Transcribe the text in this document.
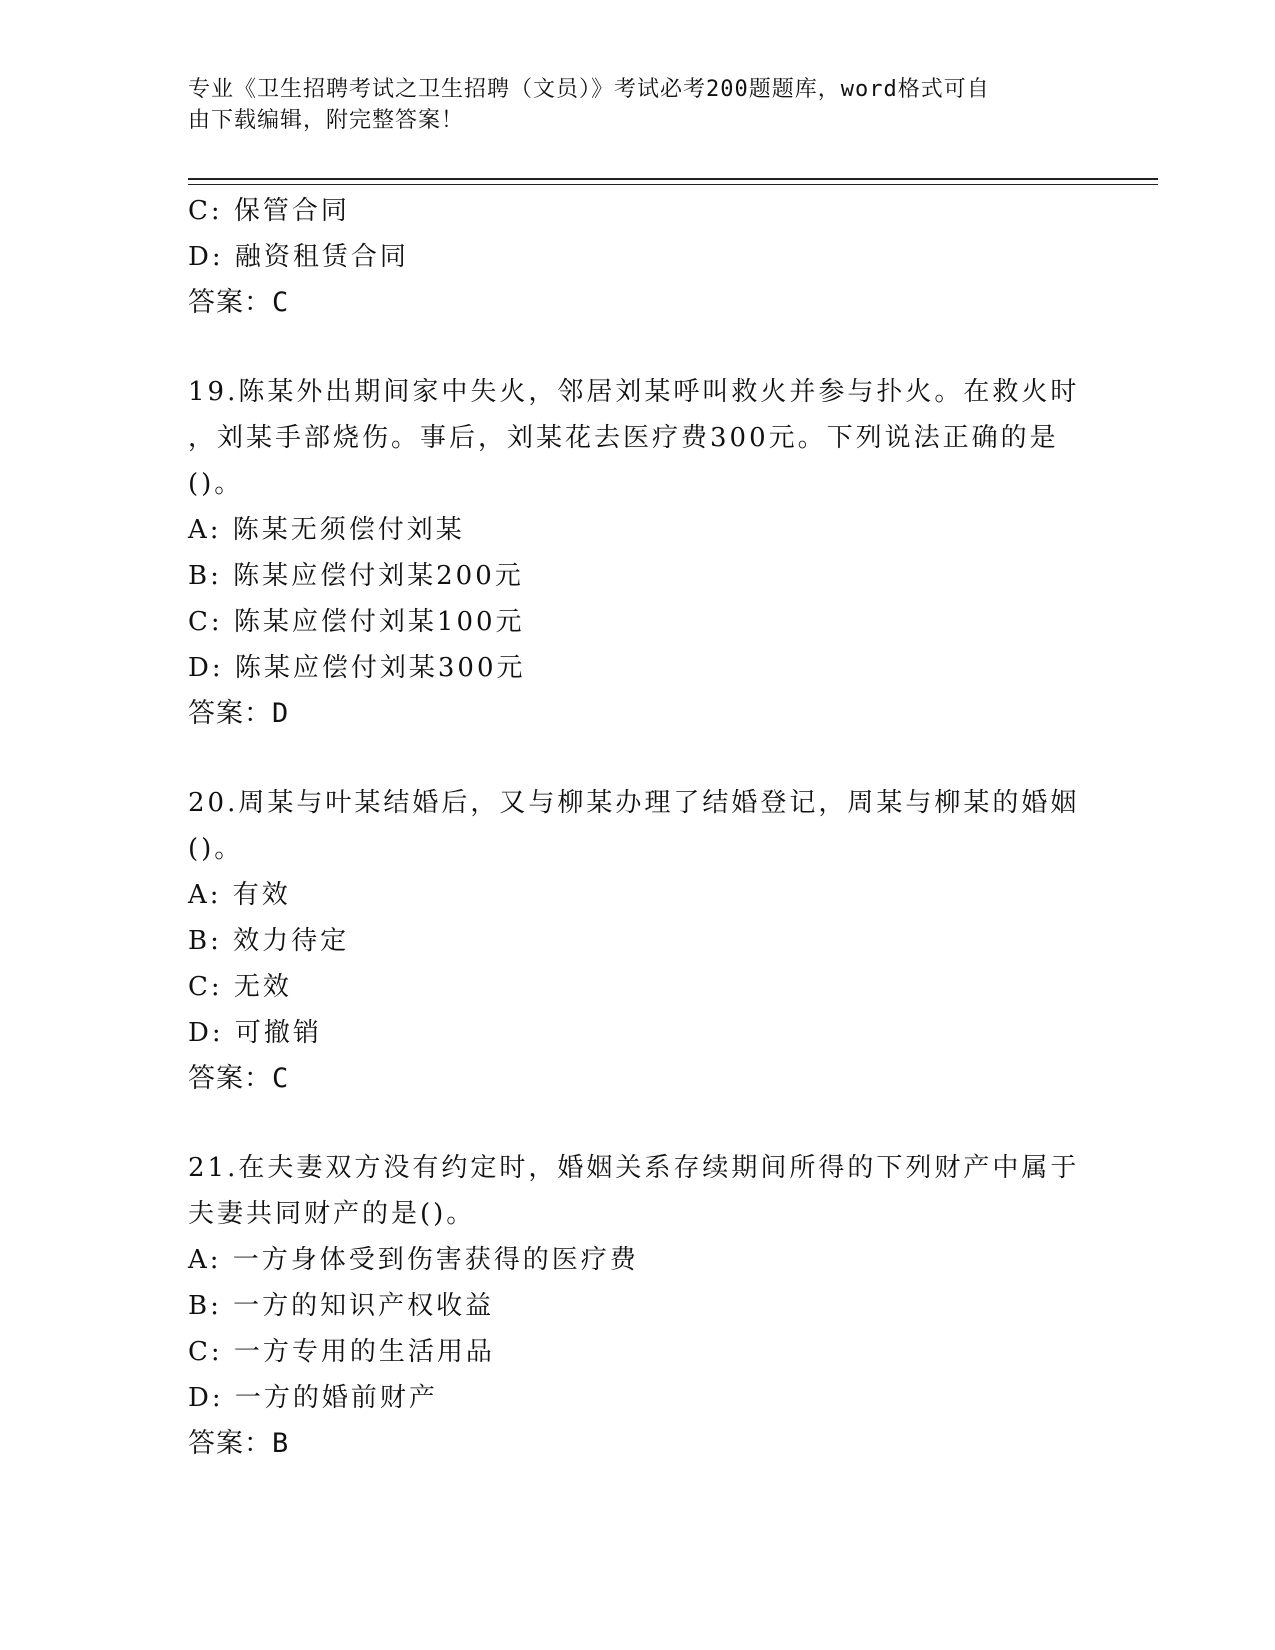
专业《卫生招聘考试之卫生招聘（文员）》考试必考200题题库，word格式可自
由下载编辑，附完整答案！
C: 保管合同
D: 融资租赁合同
答案：C
19.陈某外出期间家中失火，邻居刘某呼叫救火并参与扑火。在救火时
，刘某手部烧伤。事后，刘某花去医疗费300元。下列说法正确的是
()。
A: 陈某无须偿付刘某
B: 陈某应偿付刘某200元
C: 陈某应偿付刘某100元
D: 陈某应偿付刘某300元
答案：D
20.周某与叶某结婚后，又与柳某办理了结婚登记，周某与柳某的婚姻
()。
A: 有效
B: 效力待定
C: 无效
D: 可撤销
答案：C
21.在夫妻双方没有约定时，婚姻关系存续期间所得的下列财产中属于
夫妻共同财产的是()。
A: 一方身体受到伤害获得的医疗费
B: 一方的知识产权收益
C: 一方专用的生活用品
D: 一方的婚前财产
答案：B
